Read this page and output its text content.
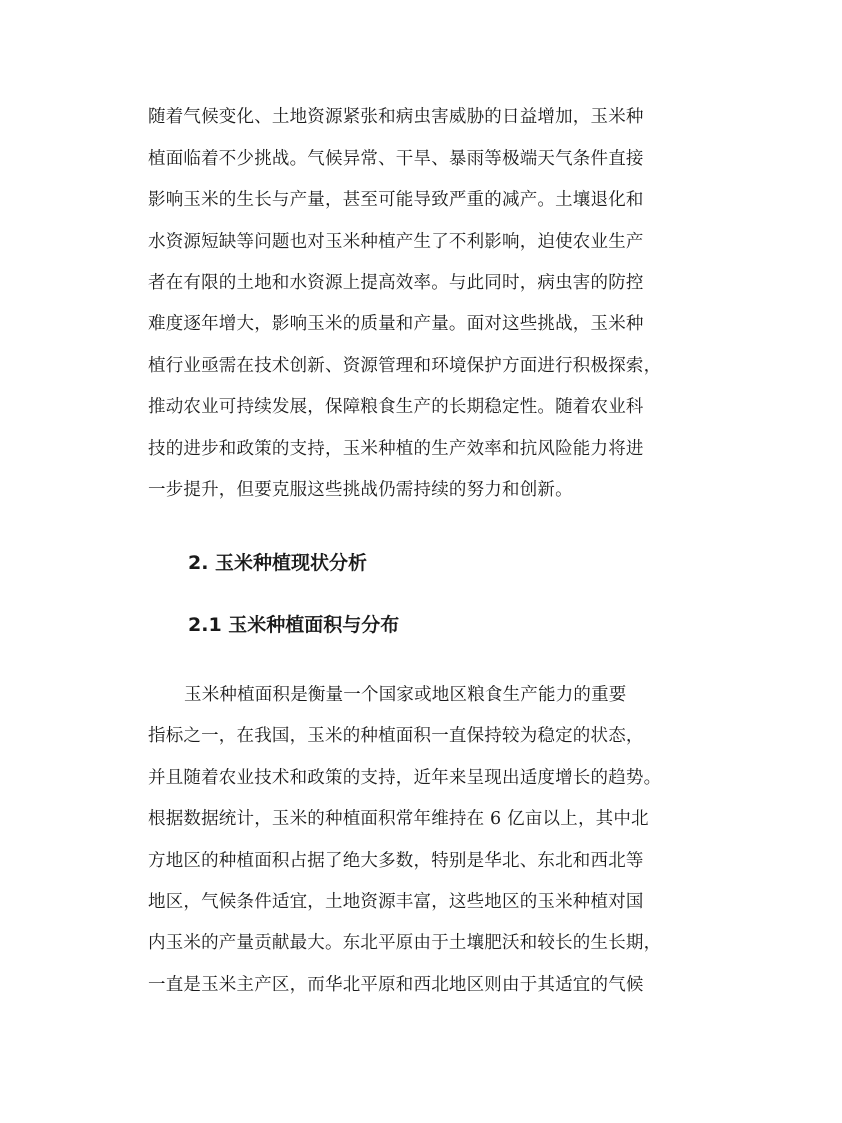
随着气候变化、土地资源紧张和病虫害威胁的日益增加，玉米种
植面临着不少挑战。气候异常、干旱、暴雨等极端天气条件直接
影响玉米的生长与产量，甚至可能导致严重的减产。土壤退化和
水资源短缺等问题也对玉米种植产生了不利影响，迫使农业生产
者在有限的土地和水资源上提高效率。与此同时，病虫害的防控
难度逐年增大，影响玉米的质量和产量。面对这些挑战，玉米种
植行业亟需在技术创新、资源管理和环境保护方面进行积极探索，
推动农业可持续发展，保障粮食生产的长期稳定性。随着农业科
技的进步和政策的支持，玉米种植的生产效率和抗风险能力将进
一步提升，但要克服这些挑战仍需持续的努力和创新。
2. 玉米种植现状分析
2.1 玉米种植面积与分布
玉米种植面积是衡量一个国家或地区粮食生产能力的重要
指标之一，在我国，玉米的种植面积一直保持较为稳定的状态，
并且随着农业技术和政策的支持，近年来呈现出适度增长的趋势。
根据数据统计，玉米的种植面积常年维持在 6 亿亩以上，其中北
方地区的种植面积占据了绝大多数，特别是华北、东北和西北等
地区，气候条件适宜，土地资源丰富，这些地区的玉米种植对国
内玉米的产量贡献最大。东北平原由于土壤肥沃和较长的生长期，
一直是玉米主产区，而华北平原和西北地区则由于其适宜的气候
